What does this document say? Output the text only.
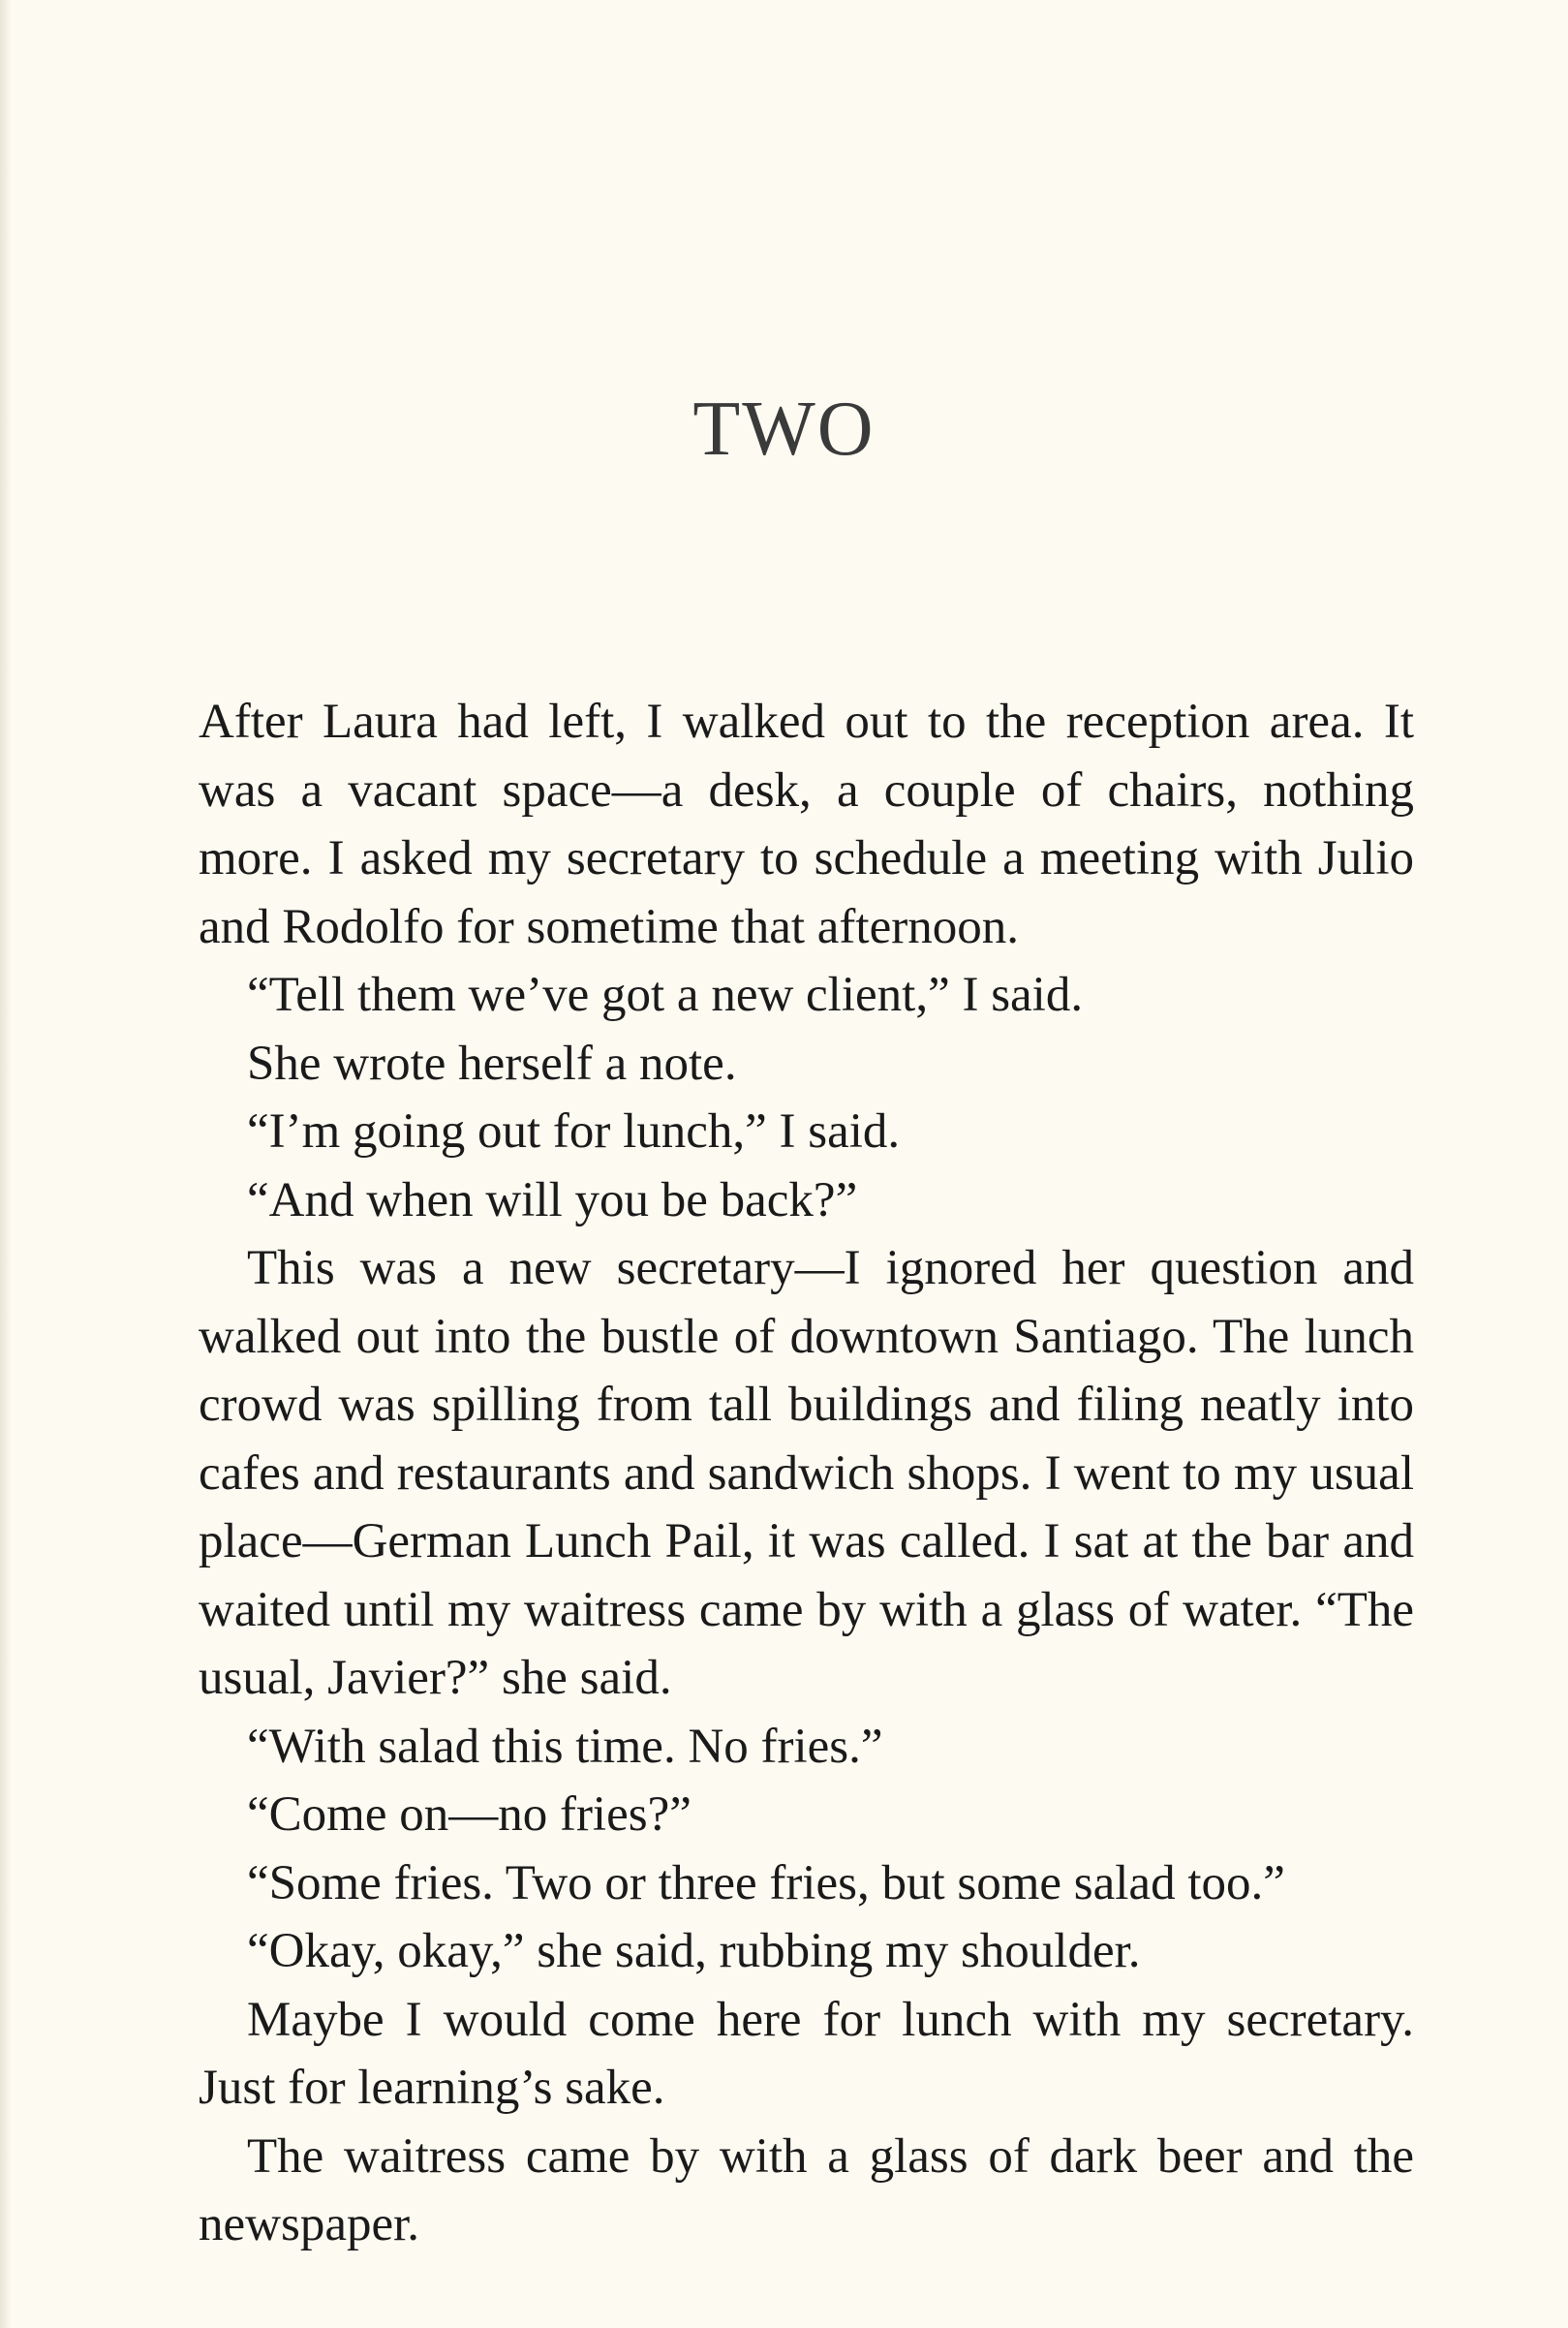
TWO

After Laura had left, I walked out to the reception area. It was a vacant space—a desk, a couple of chairs, nothing more. I asked my secretary to schedule a meeting with Julio and Rodolfo for sometime that afternoon.

“Tell them we’ve got a new client,” I said.

She wrote herself a note.

“I’m going out for lunch,” I said.

“And when will you be back?”

This was a new secretary—I ignored her question and walked out into the bustle of downtown Santiago. The lunch crowd was spilling from tall buildings and filing neatly into cafes and restaurants and sandwich shops. I went to my usual place—German Lunch Pail, it was called. I sat at the bar and waited until my waitress came by with a glass of water. “The usual, Javier?” she said.

“With salad this time. No fries.”

“Come on—no fries?”

“Some fries. Two or three fries, but some salad too.”

“Okay, okay,” she said, rubbing my shoulder.

Maybe I would come here for lunch with my secretary. Just for learning’s sake.

The waitress came by with a glass of dark beer and the newspaper.
